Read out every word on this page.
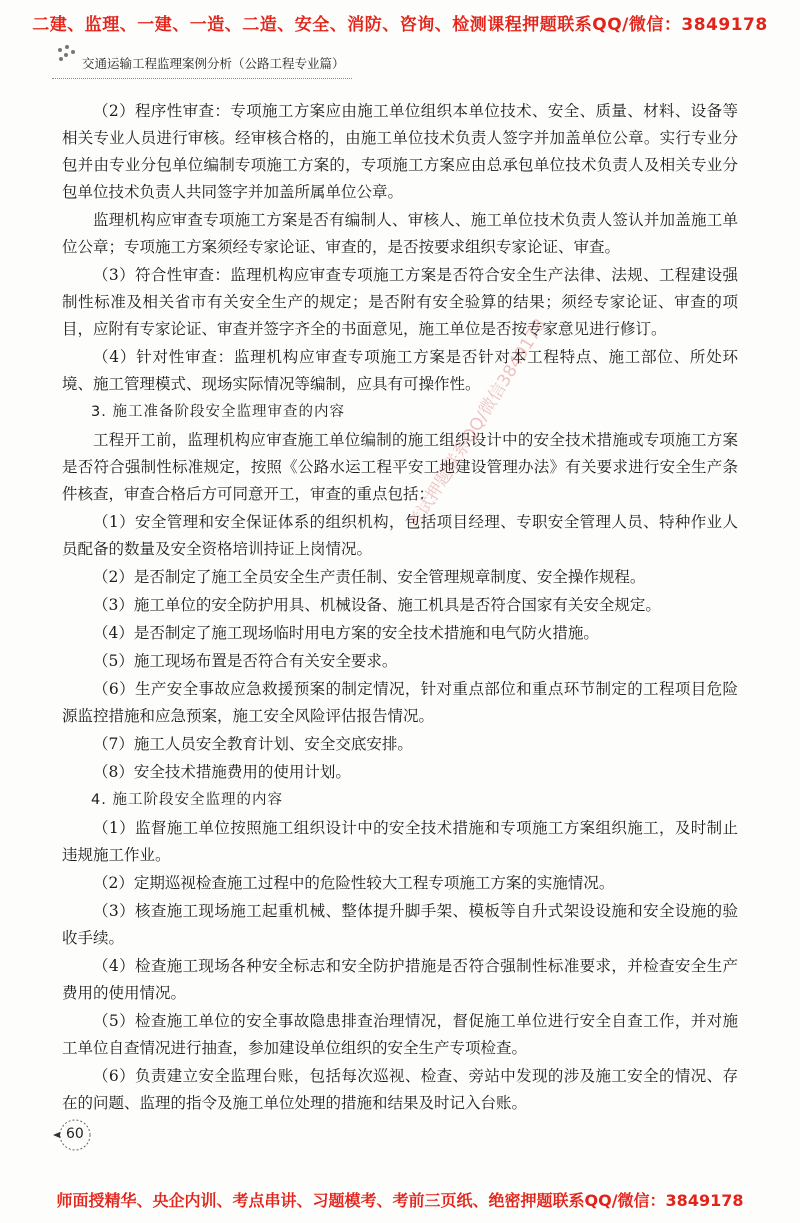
二建、监理、一建、一造、二造、安全、消防、咨询、检测课程押题联系QQ/微信：3849178
交通运输工程监理案例分析（公路工程专业篇）

（2）程序性审查：专项施工方案应由施工单位组织本单位技术、安全、质量、材料、设备等相关专业人员进行审核。经审核合格的，由施工单位技术负责人签字并加盖单位公章。实行专业分包并由专业分包单位编制专项施工方案的，专项施工方案应由总承包单位技术负责人及相关专业分包单位技术负责人共同签字并加盖所属单位公章。

监理机构应审查专项施工方案是否有编制人、审核人、施工单位技术负责人签认并加盖施工单位公章；专项施工方案须经专家论证、审查的，是否按要求组织专家论证、审查。

（3）符合性审查：监理机构应审查专项施工方案是否符合安全生产法律、法规、工程建设强制性标准及相关省市有关安全生产的规定；是否附有安全验算的结果；须经专家论证、审查的项目，应附有专家论证、审查并签字齐全的书面意见，施工单位是否按专家意见进行修订。

（4）针对性审查：监理机构应审查专项施工方案是否针对本工程特点、施工部位、所处环境、施工管理模式、现场实际情况等编制，应具有可操作性。

3. 施工准备阶段安全监理审查的内容

工程开工前，监理机构应审查施工单位编制的施工组织设计中的安全技术措施或专项施工方案是否符合强制性标准规定，按照《公路水运工程平安工地建设管理办法》有关要求进行安全生产条件核查，审查合格后方可同意开工，审查的重点包括：

（1）安全管理和安全保证体系的组织机构，包括项目经理、专职安全管理人员、特种作业人员配备的数量及安全资格培训持证上岗情况。

（2）是否制定了施工全员安全生产责任制、安全管理规章制度、安全操作规程。

（3）施工单位的安全防护用具、机械设备、施工机具是否符合国家有关安全规定。

（4）是否制定了施工现场临时用电方案的安全技术措施和电气防火措施。

（5）施工现场布置是否符合有关安全要求。

（6）生产安全事故应急救援预案的制定情况，针对重点部位和重点环节制定的工程项目危险源监控措施和应急预案，施工安全风险评估报告情况。

（7）施工人员安全教育计划、安全交底安排。

（8）安全技术措施费用的使用计划。

4. 施工阶段安全监理的内容

（1）监督施工单位按照施工组织设计中的安全技术措施和专项施工方案组织施工，及时制止违规施工作业。

（2）定期巡视检查施工过程中的危险性较大工程专项施工方案的实施情况。

（3）核查施工现场施工起重机械、整体提升脚手架、模板等自升式架设设施和安全设施的验收手续。

（4）检查施工现场各种安全标志和安全防护措施是否符合强制性标准要求，并检查安全生产费用的使用情况。

（5）检查施工单位的安全事故隐患排查治理情况，督促施工单位进行安全自查工作，并对施工单位自查情况进行抽查，参加建设单位组织的安全生产专项检查。

（6）负责建立安全监理台账，包括每次巡视、检查、旁站中发现的涉及施工安全的情况、存在的问题、监理的指令及施工单位处理的措施和结果及时记入台账。

考试押题联系QQ/微信3849178
60
师面授精华、央企内训、考点串讲、习题模考、考前三页纸、绝密押题联系QQ/微信：3849178
